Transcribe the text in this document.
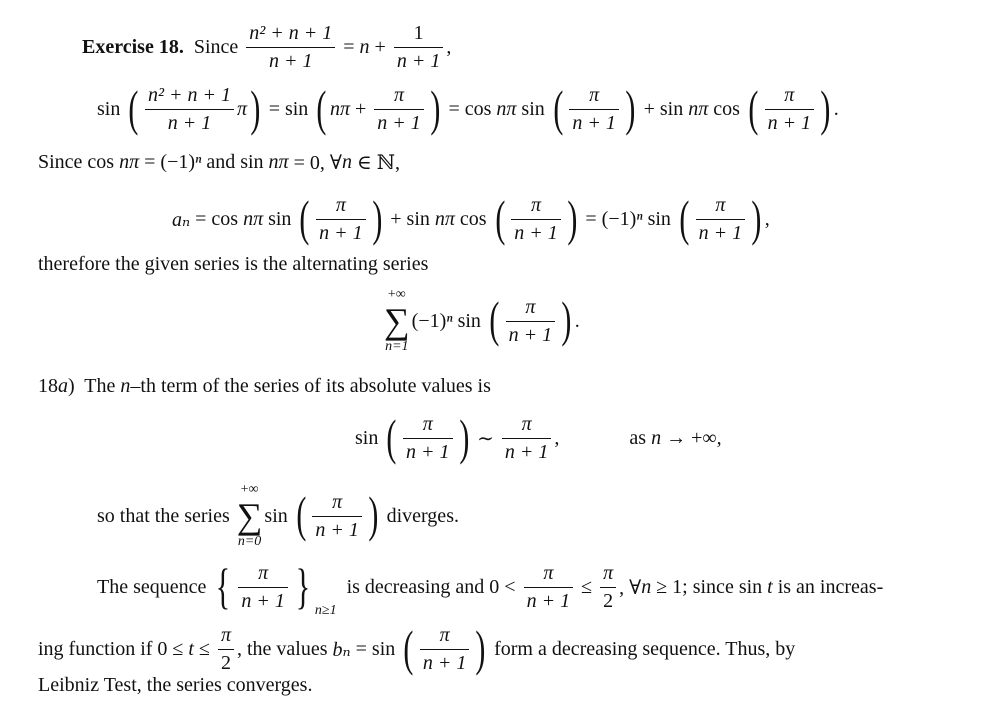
Exercise 18. Since $\frac{\text{n² + n + 1}}{n + 1} = n + \frac{1}{n + 1}$ ,
sin ( $\frac{\text{n² + n + 1}}{n + 1}$ π ) = sin ( $n\pi + \frac{\pi}{n + 1}$ ) = cos nπ sin ( $\frac{\pi}{n + 1}$ ) + sin nπ cos ( $\frac{\pi}{n + 1}$ ) .
Since cos nπ = (−1) ⁿ and sin nπ = 0, ∀ n ∈ ℕ,
aₙ = cos nπ sin ( $\frac{\pi}{n + 1}$ ) + sin nπ cos ( $\frac{\pi}{n + 1}$ ) = (−1) ⁿ sin ( $\frac{\pi}{n + 1}$ ) ,
therefore the given series is the alternating series
+∞
∑
n=1
(−1) ⁿ sin ( $\frac{\pi}{n + 1}$ ) .
18 a )  The n –th term of the series of its absolute values is
sin ( $\frac{\pi}{n + 1}$ ) ∼ $\frac{\pi}{n + 1}$ ,	as n → +∞,
so that the series
+∞
∑
n=0
sin ( $\frac{\pi}{n + 1}$ ) diverges.
The sequence { $\frac{\pi}{n + 1}$ } n≥1
is decreasing and $0 < \frac{\pi}{n + 1} \le \frac{\pi}{2}$ , ∀ n ≥ 1; since sin t is an increas-
ing function if $0 \le t \le \frac{\pi}{2}$ , the values bₙ = sin ( $\frac{\pi}{n + 1}$ ) form a decreasing sequence. Thus, by
Leibniz Test, the series converges.
